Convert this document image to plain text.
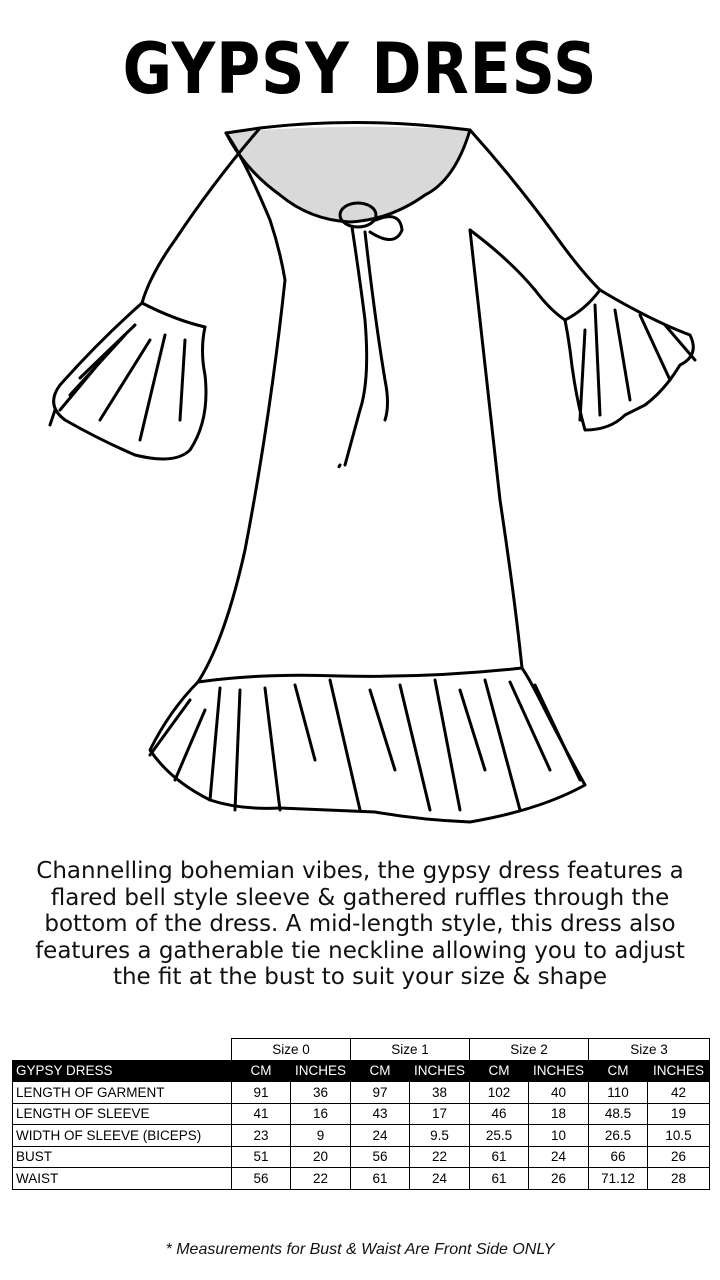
GYPSY DRESS
Channelling bohemian vibes, the gypsy dress features a flared bell style sleeve & gathered ruffles through the bottom of the dress. A mid-length style, this dress also features a gatherable tie neckline allowing you to adjust the fit at the bust to suit your size & shape
	Size 0		Size 1		Size 2		Size 3	
GYPSY DRESS	CM	INCHES	CM	INCHES	CM	INCHES	CM	INCHES
LENGTH OF GARMENT	91	36	97	38	102	40	110	42
LENGTH OF SLEEVE	41	16	43	17	46	18	48.5	19
WIDTH OF SLEEVE (BICEPS)	23	9	24	9.5	25.5	10	26.5	10.5
BUST	51	20	56	22	61	24	66	26
WAIST	56	22	61	24	61	26	71.12	28
* Measurements for Bust & Waist Are Front Side ONLY
